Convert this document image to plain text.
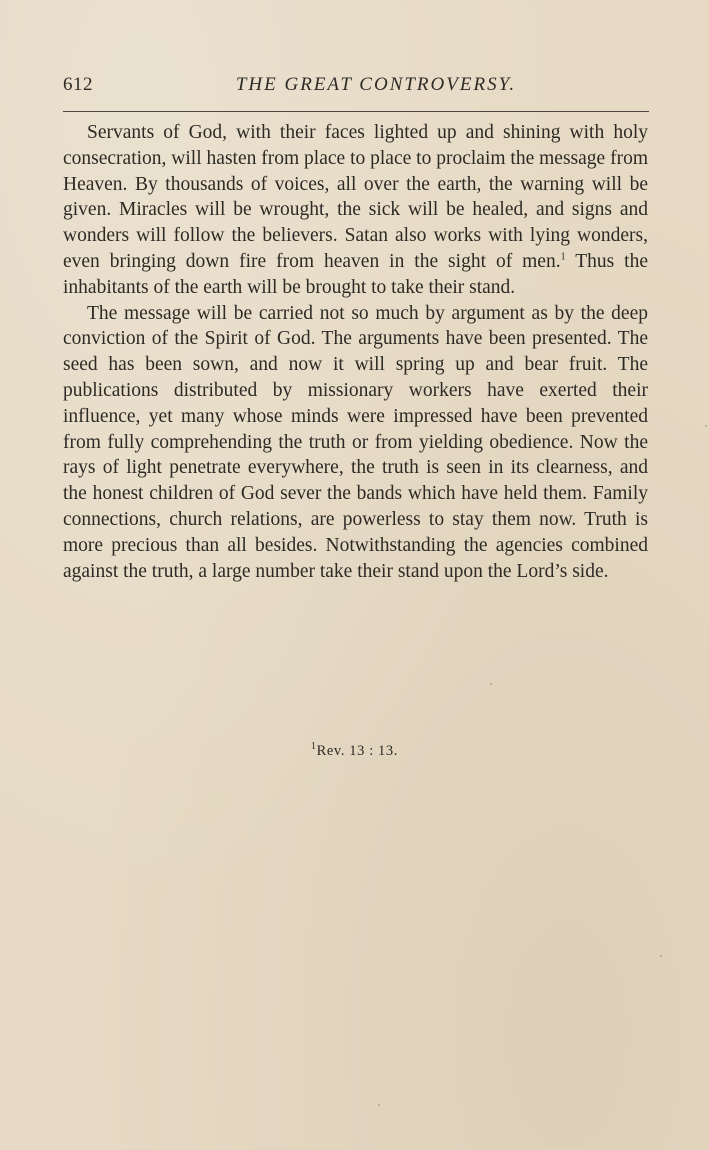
612	THE GREAT CONTROVERSY.

Servants of God, with their faces lighted up and shining with holy consecration, will hasten from place to place to proclaim the message from Heaven. By thousands of voices, all over the earth, the warning will be given. Miracles will be wrought, the sick will be healed, and signs and wonders will follow the believers. Satan also works with lying wonders, even bringing down fire from heaven in the sight of men.$^1$ Thus the inhabitants of the earth will be brought to take their stand.

The message will be carried not so much by argument as by the deep conviction of the Spirit of God. The arguments have been presented. The seed has been sown, and now it will spring up and bear fruit. The publications distributed by missionary workers have exerted their influence, yet many whose minds were impressed have been prevented from fully comprehending the truth or from yielding obedience. Now the rays of light penetrate everywhere, the truth is seen in its clearness, and the honest children of God sever the bands which have held them. Family connections, church relations, are powerless to stay them now. Truth is more precious than all besides. Notwithstanding the agencies combined against the truth, a large number take their stand upon the Lord’s side.

$^1$Rev. 13 : 13.
